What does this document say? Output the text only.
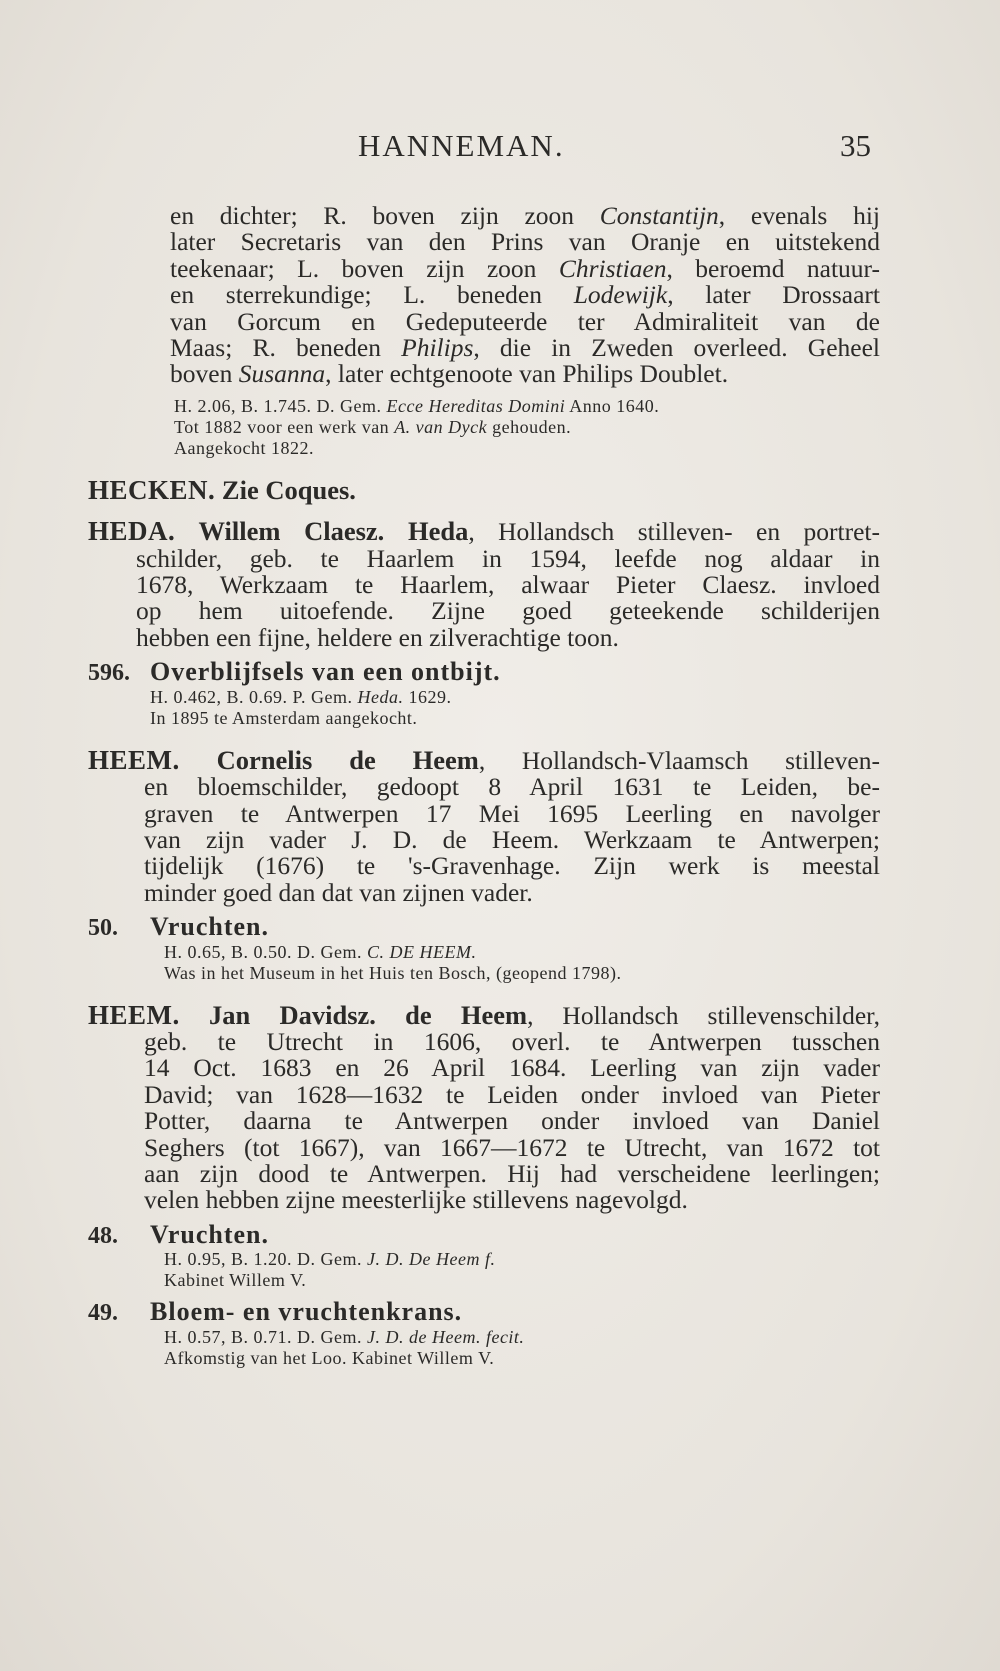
HANNEMAN.	35

en dichter; R. boven zijn zoon Constantijn, evenals hij

later Secretaris van den Prins van Oranje en uitstekend

teekenaar; L. boven zijn zoon Christiaen, beroemd natuur-

en sterrekundige; L. beneden Lodewijk, later Drossaart

van Gorcum en Gedeputeerde ter Admiraliteit van de

Maas; R. beneden Philips, die in Zweden overleed. Geheel

boven Susanna, later echtgenoote van Philips Doublet.

H. 2.06, B. 1.745. D. Gem. Ecce Hereditas Domini Anno 1640.

Tot 1882 voor een werk van A. van Dyck gehouden.

Aangekocht 1822.

HECKEN. Zie Coques.

HEDA. Willem Claesz. Heda, Hollandsch stilleven- en portret-

schilder, geb. te Haarlem in 1594, leefde nog aldaar in

1678, Werkzaam te Haarlem, alwaar Pieter Claesz. invloed

op hem uitoefende. Zijne goed geteekende schilderijen

hebben een fijne, heldere en zilverachtige toon.

596. Overblijfsels van een ontbijt.

H. 0.462, B. 0.69. P. Gem. Heda. 1629.

In 1895 te Amsterdam aangekocht.

HEEM. Cornelis de Heem, Hollandsch-Vlaamsch stilleven-

en bloemschilder, gedoopt 8 April 1631 te Leiden, be-

graven te Antwerpen 17 Mei 1695 Leerling en navolger

van zijn vader J. D. de Heem. Werkzaam te Antwerpen;

tijdelijk (1676) te 's-Gravenhage. Zijn werk is meestal

minder goed dan dat van zijnen vader.

50. Vruchten.

H. 0.65, B. 0.50. D. Gem. C. DE HEEM.

Was in het Museum in het Huis ten Bosch, (geopend 1798).

HEEM. Jan Davidsz. de Heem, Hollandsch stillevenschilder,

geb. te Utrecht in 1606, overl. te Antwerpen tusschen

14 Oct. 1683 en 26 April 1684. Leerling van zijn vader

David; van 1628—1632 te Leiden onder invloed van Pieter

Potter, daarna te Antwerpen onder invloed van Daniel

Seghers (tot 1667), van 1667—1672 te Utrecht, van 1672 tot

aan zijn dood te Antwerpen. Hij had verscheidene leerlingen;

velen hebben zijne meesterlijke stillevens nagevolgd.

48. Vruchten.

H. 0.95, B. 1.20. D. Gem. J. D. De Heem f.

Kabinet Willem V.

49. Bloem- en vruchtenkrans.

H. 0.57, B. 0.71. D. Gem. J. D. de Heem. fecit.

Afkomstig van het Loo. Kabinet Willem V.
